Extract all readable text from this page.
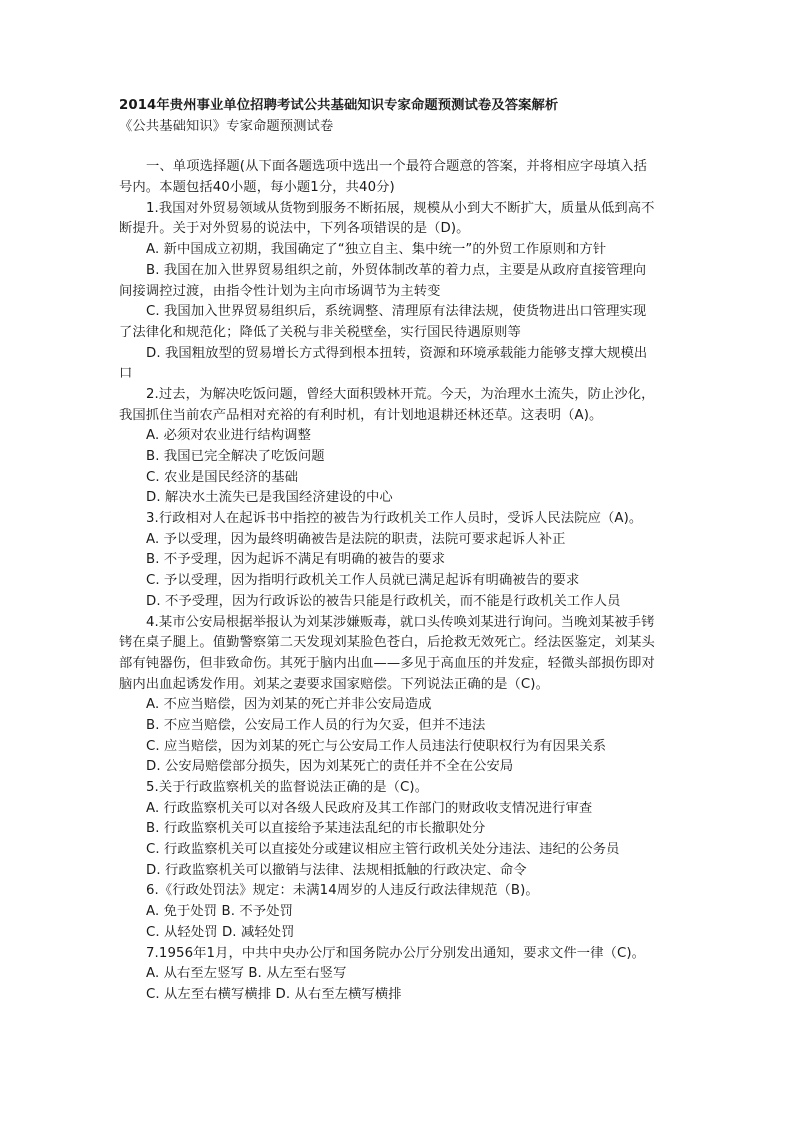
2014年贵州事业单位招聘考试公共基础知识专家命题预测试卷及答案解析
《公共基础知识》专家命题预测试卷
一、单项选择题(从下面各题选项中选出一个最符合题意的答案，并将相应字母填入括
号内。本题包括40小题，每小题1分，共40分)
1.我国对外贸易领域从货物到服务不断拓展，规模从小到大不断扩大，质量从低到高不
断提升。关于对外贸易的说法中，下列各项错误的是（D)。
A. 新中国成立初期，我国确定了“独立自主、集中统一”的外贸工作原则和方针
B. 我国在加入世界贸易组织之前，外贸体制改革的着力点，主要是从政府直接管理向
间接调控过渡，由指令性计划为主向市场调节为主转变
C. 我国加入世界贸易组织后，系统调整、清理原有法律法规，使货物进出口管理实现
了法律化和规范化；降低了关税与非关税壁垒，实行国民待遇原则等
D. 我国粗放型的贸易增长方式得到根本扭转，资源和环境承载能力能够支撑大规模出
口
2.过去，为解决吃饭问题，曾经大面积毁林开荒。今天，为治理水土流失，防止沙化，
我国抓住当前农产品相对充裕的有利时机，有计划地退耕还林还草。这表明（A)。
A. 必须对农业进行结构调整
B. 我国已完全解决了吃饭问题
C. 农业是国民经济的基础
D. 解决水土流失已是我国经济建设的中心
3.行政相对人在起诉书中指控的被告为行政机关工作人员时，受诉人民法院应（A)。
A. 予以受理，因为最终明确被告是法院的职责，法院可要求起诉人补正
B. 不予受理，因为起诉不满足有明确的被告的要求
C. 予以受理，因为指明行政机关工作人员就已满足起诉有明确被告的要求
D. 不予受理，因为行政诉讼的被告只能是行政机关，而不能是行政机关工作人员
4.某市公安局根据举报认为刘某涉嫌贩毒，就口头传唤刘某进行询问。当晚刘某被手铐
铐在桌子腿上。值勤警察第二天发现刘某脸色苍白，后抢救无效死亡。经法医鉴定，刘某头
部有钝器伤，但非致命伤。其死于脑内出血——多见于高血压的并发症，轻微头部损伤即对
脑内出血起诱发作用。刘某之妻要求国家赔偿。下列说法正确的是（C)。
A. 不应当赔偿，因为刘某的死亡并非公安局造成
B. 不应当赔偿，公安局工作人员的行为欠妥，但并不违法
C. 应当赔偿，因为刘某的死亡与公安局工作人员违法行使职权行为有因果关系
D. 公安局赔偿部分损失，因为刘某死亡的责任并不全在公安局
5.关于行政监察机关的监督说法正确的是（C)。
A. 行政监察机关可以对各级人民政府及其工作部门的财政收支情况进行审查
B. 行政监察机关可以直接给予某违法乱纪的市长撤职处分
C. 行政监察机关可以直接处分或建议相应主管行政机关处分违法、违纪的公务员
D. 行政监察机关可以撤销与法律、法规相抵触的行政决定、命令
6.《行政处罚法》规定：未满14周岁的人违反行政法律规范（B)。
A. 免于处罚 B. 不予处罚
C. 从轻处罚 D. 减轻处罚
7.1956年1月，中共中央办公厅和国务院办公厅分别发出通知，要求文件一律（C)。
A. 从右至左竖写 B. 从左至右竖写
C. 从左至右横写横排 D. 从右至左横写横排
